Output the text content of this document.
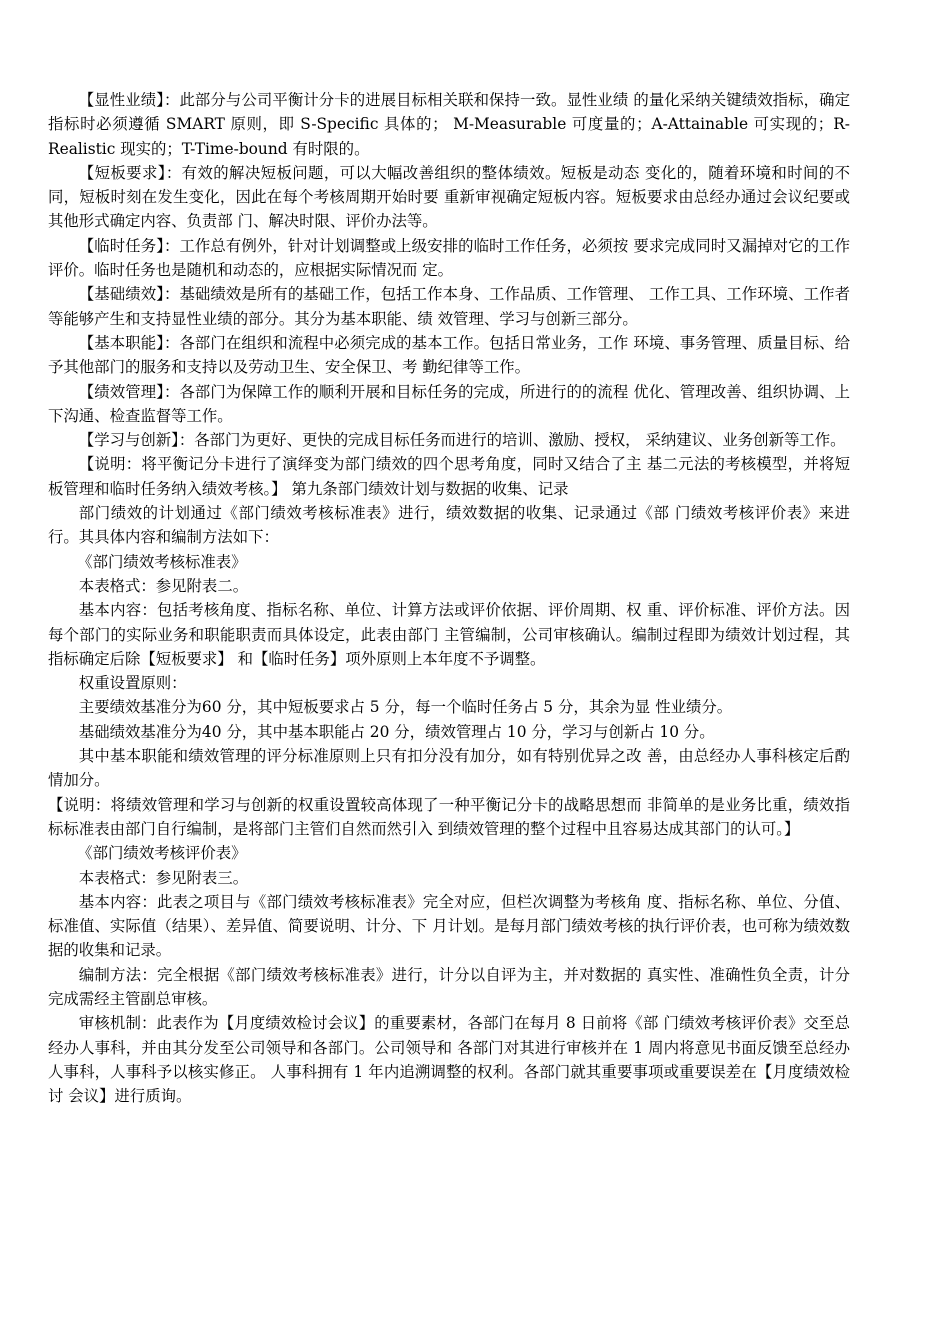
【显性业绩】：此部分与公司平衡计分卡的进展目标相关联和保持一致。显性业绩 的量化采纳关键绩效指标，确定指标时必须遵循 SMART 原则，即 S-Specific 具体的； M-Measurable 可度量的；A-Attainable 可实现的；R-Realistic 现实的；T-Time-bound 有时限的。

【短板要求】：有效的解决短板问题，可以大幅改善组织的整体绩效。短板是动态 变化的，随着环境和时间的不同，短板时刻在发生变化，因此在每个考核周期开始时要 重新审视确定短板内容。短板要求由总经办通过会议纪要或其他形式确定内容、负责部 门、解决时限、评价办法等。

【临时任务】：工作总有例外，针对计划调整或上级安排的临时工作任务，必须按 要求完成同时又漏掉对它的工作评价。临时任务也是随机和动态的，应根据实际情况而 定。

【基础绩效】：基础绩效是所有的基础工作，包括工作本身、工作品质、工作管理、 工作工具、工作环境、工作者等能够产生和支持显性业绩的部分。其分为基本职能、绩 效管理、学习与创新三部分。

【基本职能】：各部门在组织和流程中必须完成的基本工作。包括日常业务，工作 环境、事务管理、质量目标、给予其他部门的服务和支持以及劳动卫生、安全保卫、考 勤纪律等工作。

【绩效管理】：各部门为保障工作的顺利开展和目标任务的完成，所进行的的流程 优化、管理改善、组织协调、上下沟通、检查监督等工作。

【学习与创新】：各部门为更好、更快的完成目标任务而进行的培训、激励、授权， 采纳建议、业务创新等工作。

【说明：将平衡记分卡进行了演绎变为部门绩效的四个思考角度，同时又结合了主 基二元法的考核模型，并将短板管理和临时任务纳入绩效考核。】 第九条部门绩效计划与数据的收集、记录

部门绩效的计划通过《部门绩效考核标准表》进行，绩效数据的收集、记录通过《部 门绩效考核评价表》来进行。其具体内容和编制方法如下：

《部门绩效考核标准表》

本表格式：参见附表二。

基本内容：包括考核角度、指标名称、单位、计算方法或评价依据、评价周期、权 重、评价标准、评价方法。因每个部门的实际业务和职能职责而具体设定，此表由部门 主管编制，公司审核确认。编制过程即为绩效计划过程，其指标确定后除【短板要求】 和【临时任务】项外原则上本年度不予调整。

权重设置原则：

主要绩效基准分为60 分，其中短板要求占 5 分，每一个临时任务占 5 分，其余为显 性业绩分。

基础绩效基准分为40 分，其中基本职能占 20 分，绩效管理占 10 分，学习与创新占 10 分。

其中基本职能和绩效管理的评分标准原则上只有扣分没有加分，如有特别优异之改 善，由总经办人事科核定后酌情加分。

【说明：将绩效管理和学习与创新的权重设置较高体现了一种平衡记分卡的战略思想而 非简单的是业务比重，绩效指标标准表由部门自行编制，是将部门主管们自然而然引入 到绩效管理的整个过程中且容易达成其部门的认可。】

《部门绩效考核评价表》

本表格式：参见附表三。

基本内容：此表之项目与《部门绩效考核标准表》完全对应，但栏次调整为考核角 度、指标名称、单位、分值、标准值、实际值（结果）、差异值、简要说明、计分、下 月计划。是每月部门绩效考核的执行评价表，也可称为绩效数据的收集和记录。

编制方法：完全根据《部门绩效考核标准表》进行，计分以自评为主，并对数据的 真实性、准确性负全责，计分完成需经主管副总审核。

审核机制：此表作为【月度绩效检讨会议】的重要素材，各部门在每月 8 日前将《部 门绩效考核评价表》交至总经办人事科，并由其分发至公司领导和各部门。公司领导和 各部门对其进行审核并在 1 周内将意见书面反馈至总经办人事科，人事科予以核实修正。 人事科拥有 1 年内追溯调整的权利。各部门就其重要事项或重要误差在【月度绩效检讨 会议】进行质询。
